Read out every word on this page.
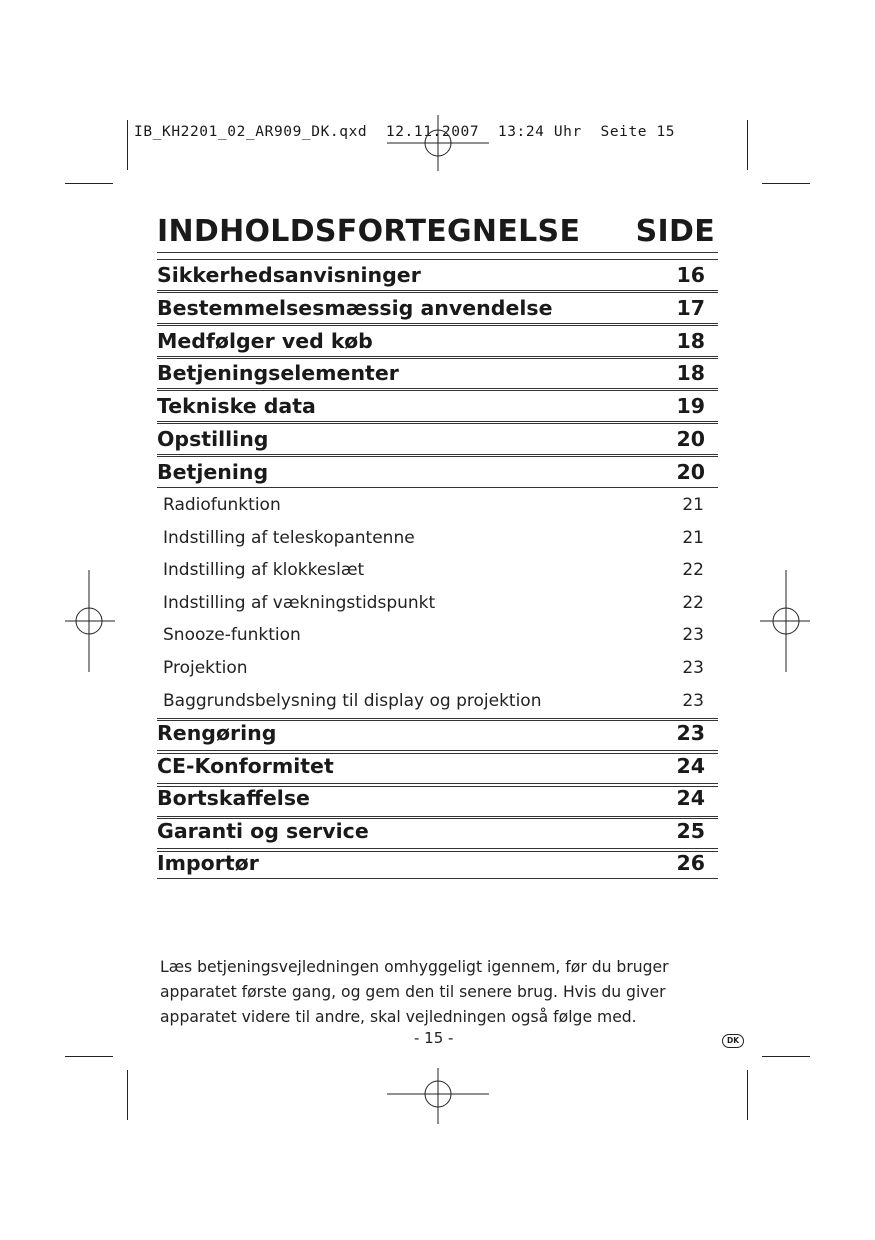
IB_KH2201_02_AR909_DK.qxd  12.11.2007  13:24 Uhr  Seite 15
INDHOLDSFORTEGNELSE SIDE
Sikkerhedsanvisninger	16
Bestemmelsesmæssig anvendelse	17
Medfølger ved køb	18
Betjeningselementer	18
Tekniske data	19
Opstilling	20
Betjening	20
Radiofunktion	21
Indstilling af teleskopantenne	21
Indstilling af klokkeslæt	22
Indstilling af vækningstidspunkt	22
Snooze-funktion	23
Projektion	23
Baggrundsbelysning til display og projektion	23
Rengøring	23
CE-Konformitet	24
Bortskaffelse	24
Garanti og service	25
Importør	26
Læs betjeningsvejledningen omhyggeligt igennem, før du bruger apparatet første gang, og gem den til senere brug. Hvis du giver apparatet videre til andre, skal vejledningen også følge med.
- 15 -	DK
